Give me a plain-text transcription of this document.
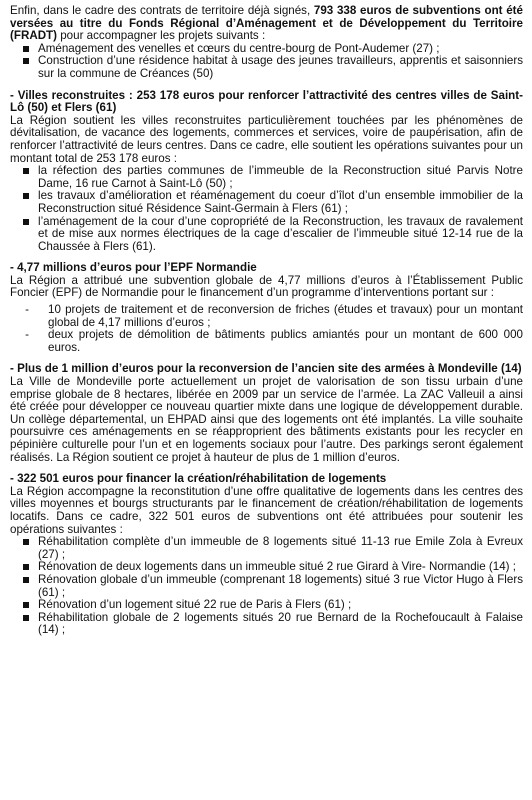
Enfin, dans le cadre des contrats de territoire déjà signés, 793 338 euros de subventions ont été versées au titre du Fonds Régional d’Aménagement et de Développement du Territoire (FRADT) pour accompagner les projets suivants :

Aménagement des venelles et cœurs du centre-bourg de Pont-Audemer (27) ;
Construction d’une résidence habitat à usage des jeunes travailleurs, apprentis et saisonniers sur la commune de Créances (50)

- Villes reconstruites : 253 178 euros pour renforcer l’attractivité des centres villes de Saint-Lô (50) et Flers (61)

La Région soutient les villes reconstruites particulièrement touchées par les phénomènes de dévitalisation, de vacance des logements, commerces et services, voire de paupérisation, afin de renforcer l’attractivité de leurs centres. Dans ce cadre, elle soutient les opérations suivantes pour un montant total de 253 178 euros :

la réfection des parties communes de l’immeuble de la Reconstruction situé Parvis Notre Dame, 16 rue Carnot à Saint-Lô (50) ;
les travaux d’amélioration et réaménagement du coeur d’îlot d’un ensemble immobilier de la Reconstruction situé Résidence Saint-Germain à Flers (61) ;
l’aménagement de la cour d’une copropriété de la Reconstruction, les travaux de ravalement et de mise aux normes électriques de la cage d’escalier de l’immeuble situé 12-14 rue de la Chaussée à Flers (61).

- 4,77 millions d’euros pour l’EPF Normandie

La Région a attribué une subvention globale de 4,77 millions d’euros à l’Établissement Public Foncier (EPF) de Normandie pour le financement d’un programme d’interventions portant sur :

- 10 projets de traitement et de reconversion de friches (études et travaux) pour un montant global de 4,17 millions d’euros ;
- deux projets de démolition de bâtiments publics amiantés pour un montant de 600 000 euros.

- Plus de 1 million d’euros pour la reconversion de l’ancien site des armées à Mondeville (14)

La Ville de Mondeville porte actuellement un projet de valorisation de son tissu urbain d’une emprise globale de 8 hectares, libérée en 2009 par un service de l’armée. La ZAC Valleuil a ainsi été créée pour développer ce nouveau quartier mixte dans une logique de développement durable. Un collège départemental, un EHPAD ainsi que des logements ont été implantés. La ville souhaite poursuivre ces aménagements en se réapproprient des bâtiments existants pour les recycler en pépinière culturelle pour l’un et en logements sociaux pour l’autre. Des parkings seront également réalisés. La Région soutient ce projet à hauteur de plus de 1 million d’euros.

- 322 501 euros pour financer la création/réhabilitation de logements

La Région accompagne la reconstitution d’une offre qualitative de logements dans les centres des villes moyennes et bourgs structurants par le financement de création/réhabilitation de logements locatifs. Dans ce cadre, 322 501 euros de subventions ont été attribuées pour soutenir les opérations suivantes :

Réhabilitation complète d’un immeuble de 8 logements situé 11-13 rue Emile Zola à Evreux (27) ;
Rénovation de deux logements dans un immeuble situé 2 rue Girard à Vire- Normandie (14) ;
Rénovation globale d’un immeuble (comprenant 18 logements) situé 3 rue Victor Hugo à Flers (61) ;
Rénovation d’un logement situé 22 rue de Paris à Flers (61) ;
Réhabilitation globale de 2 logements situés 20 rue Bernard de la Rochefoucault à Falaise (14) ;
